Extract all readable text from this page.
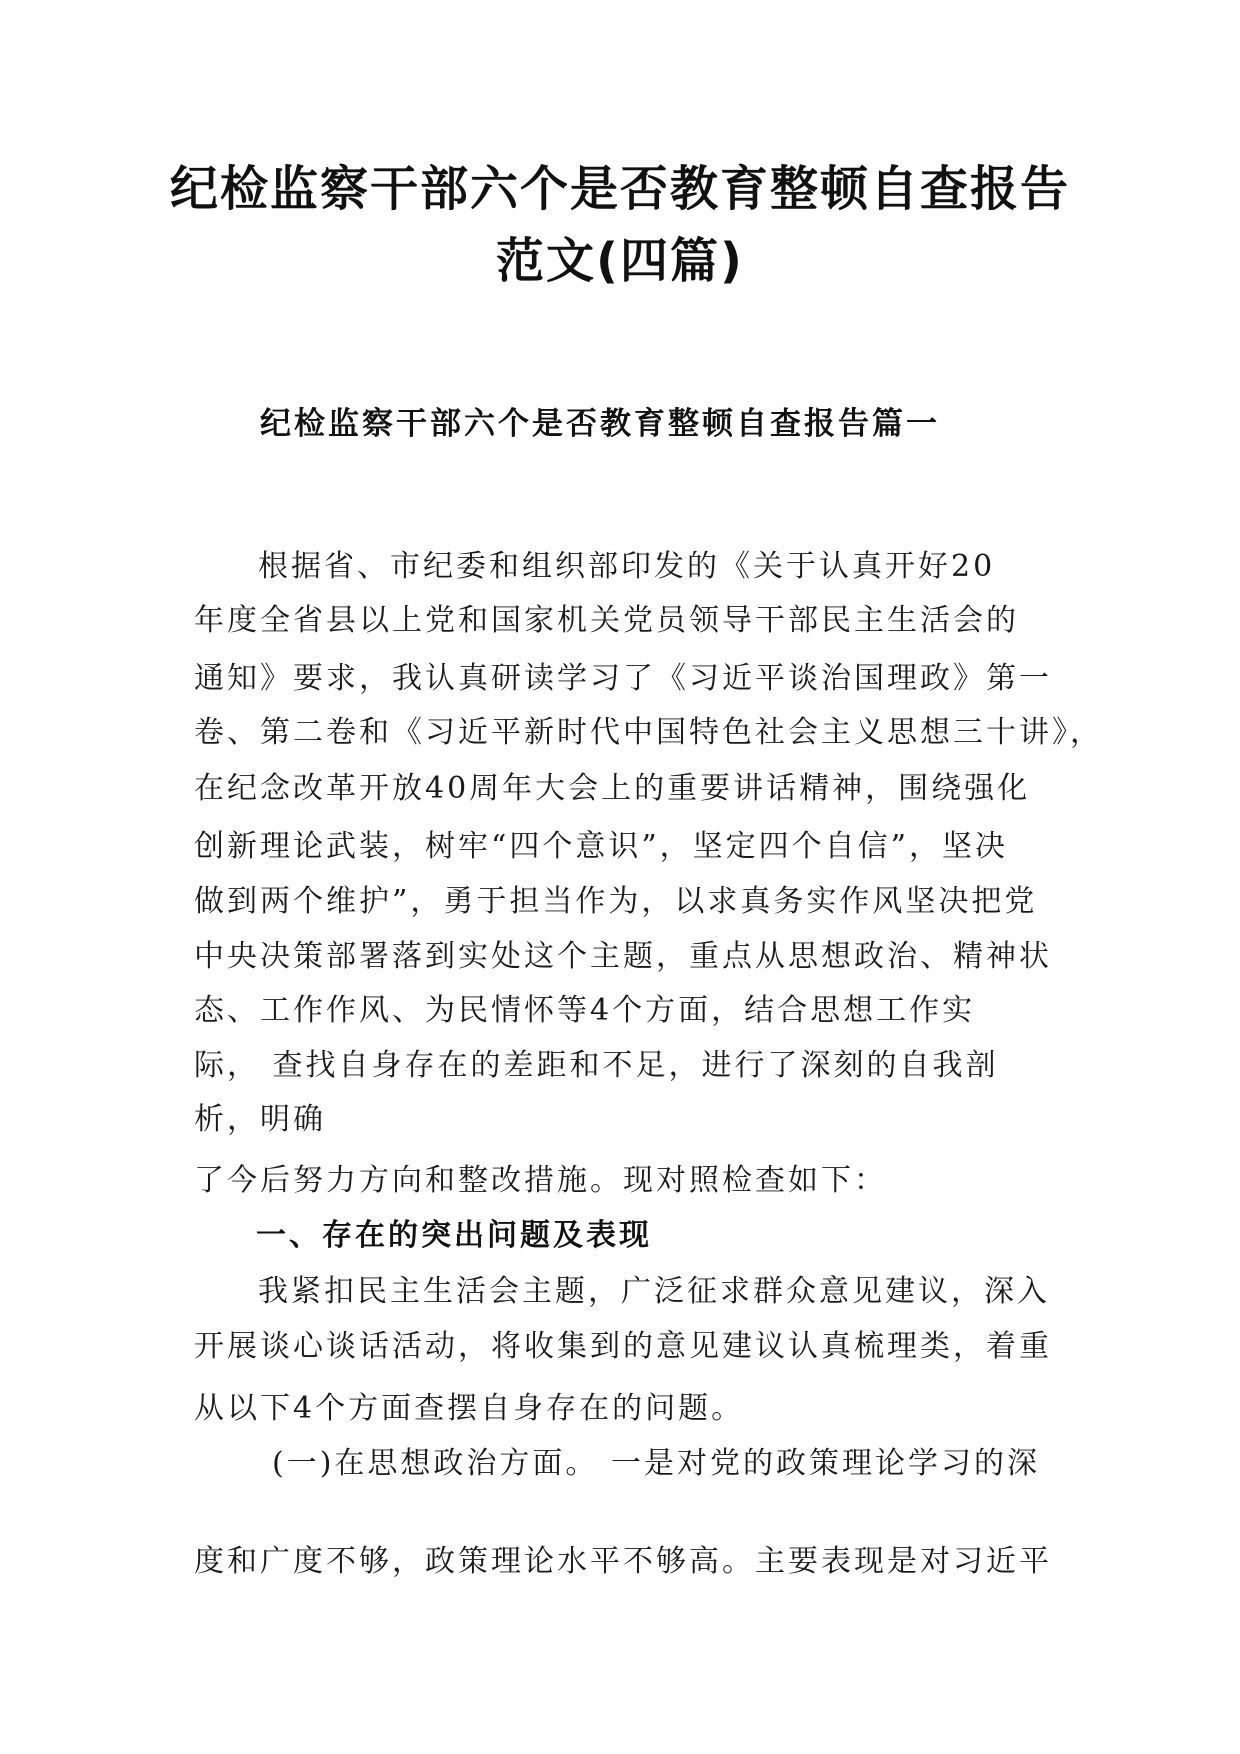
纪检监察干部六个是否教育整顿自查报告
范文(四篇)
纪检监察干部六个是否教育整顿自查报告篇一

根据省、市纪委和组织部印发的《关于认真开好20

年度全省县以上党和国家机关党员领导干部民主生活会的

通知》要求，我认真研读学习了《习近平谈治国理政》第一

卷、第二卷和《习近平新时代中国特色社会主义思想三十讲》，

在纪念改革开放40周年大会上的重要讲话精神，围绕强化

创新理论武装，树牢“四个意识”，坚定四个自信”，坚决

做到两个维护”，勇于担当作为，以求真务实作风坚决把党

中央决策部署落到实处这个主题，重点从思想政治、精神状

态、工作作风、为民情怀等4个方面，结合思想工作实

际， 查找自身存在的差距和不足，进行了深刻的自我剖

析，明确

了今后努力方向和整改措施。现对照检查如下：

一、存在的突出问题及表现

我紧扣民主生活会主题，广泛征求群众意见建议，深入

开展谈心谈话活动，将收集到的意见建议认真梳理类，着重

从以下4个方面查摆自身存在的问题。

(一)在思想政治方面。 一是对党的政策理论学习的深

度和广度不够，政策理论水平不够高。主要表现是对习近平
